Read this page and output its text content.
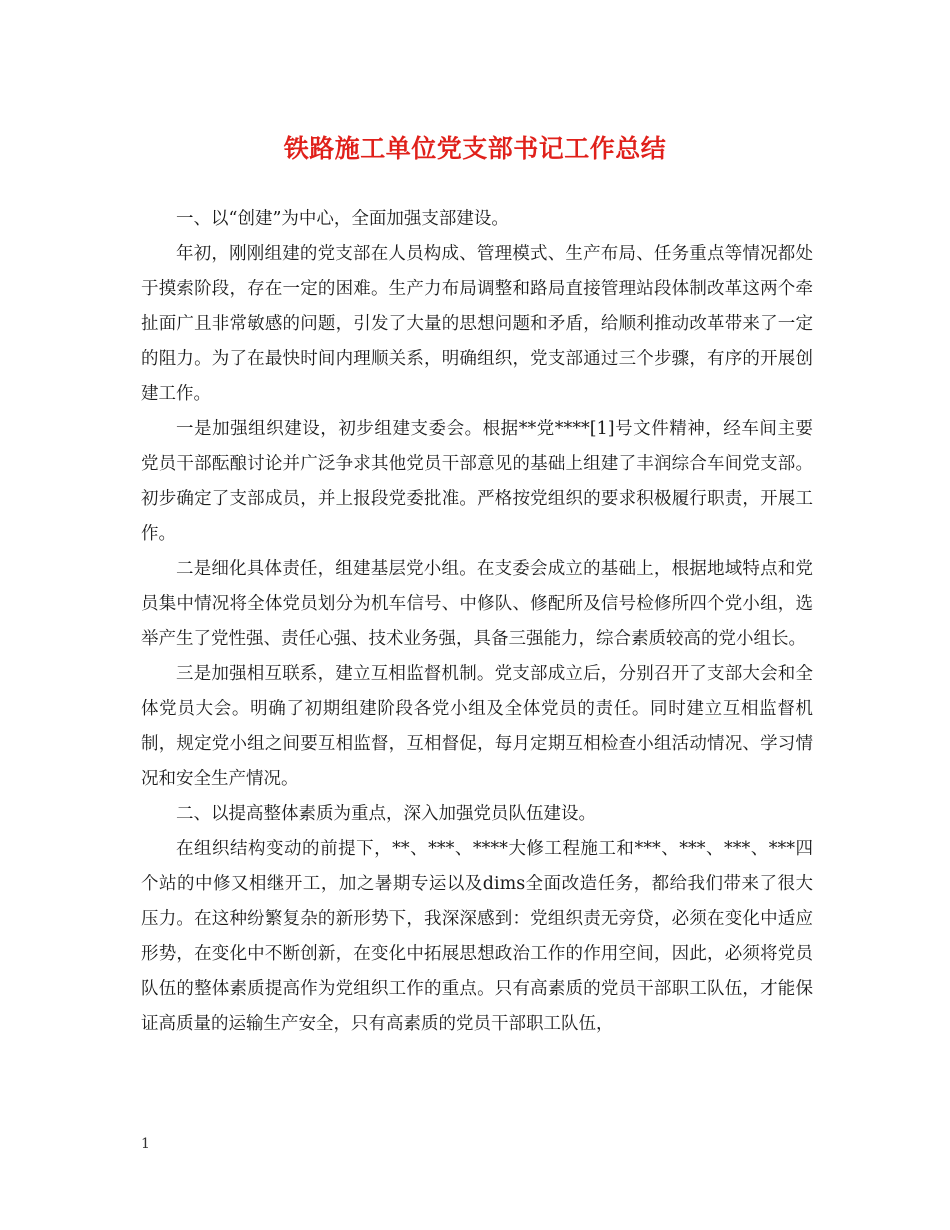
铁路施工单位党支部书记工作总结

一、以“创建”为中心，全面加强支部建设。

年初，刚刚组建的党支部在人员构成、管理模式、生产布局、任务重点等情况都处于摸索阶段，存在一定的困难。生产力布局调整和路局直接管理站段体制改革这两个牵扯面广且非常敏感的问题，引发了大量的思想问题和矛盾，给顺利推动改革带来了一定的阻力。为了在最快时间内理顺关系，明确组织，党支部通过三个步骤，有序的开展创建工作。

一是加强组织建设，初步组建支委会。根据**党****[1]号文件精神，经车间主要党员干部酝酿讨论并广泛争求其他党员干部意见的基础上组建了丰润综合车间党支部。初步确定了支部成员，并上报段党委批准。严格按党组织的要求积极履行职责，开展工作。

二是细化具体责任，组建基层党小组。在支委会成立的基础上，根据地域特点和党员集中情况将全体党员划分为机车信号、中修队、修配所及信号检修所四个党小组，选举产生了党性强、责任心强、技术业务强，具备三强能力，综合素质较高的党小组长。

三是加强相互联系，建立互相监督机制。党支部成立后，分别召开了支部大会和全体党员大会。明确了初期组建阶段各党小组及全体党员的责任。同时建立互相监督机制，规定党小组之间要互相监督，互相督促，每月定期互相检查小组活动情况、学习情况和安全生产情况。

二、以提高整体素质为重点，深入加强党员队伍建设。

在组织结构变动的前提下，**、***、****大修工程施工和***、***、***、***四个站的中修又相继开工，加之暑期专运以及dims全面改造任务，都给我们带来了很大压力。在这种纷繁复杂的新形势下，我深深感到：党组织责无旁贷，必须在变化中适应形势，在变化中不断创新，在变化中拓展思想政治工作的作用空间，因此，必须将党员队伍的整体素质提高作为党组织工作的重点。只有高素质的党员干部职工队伍，才能保证高质量的运输生产安全，只有高素质的党员干部职工队伍，

1
